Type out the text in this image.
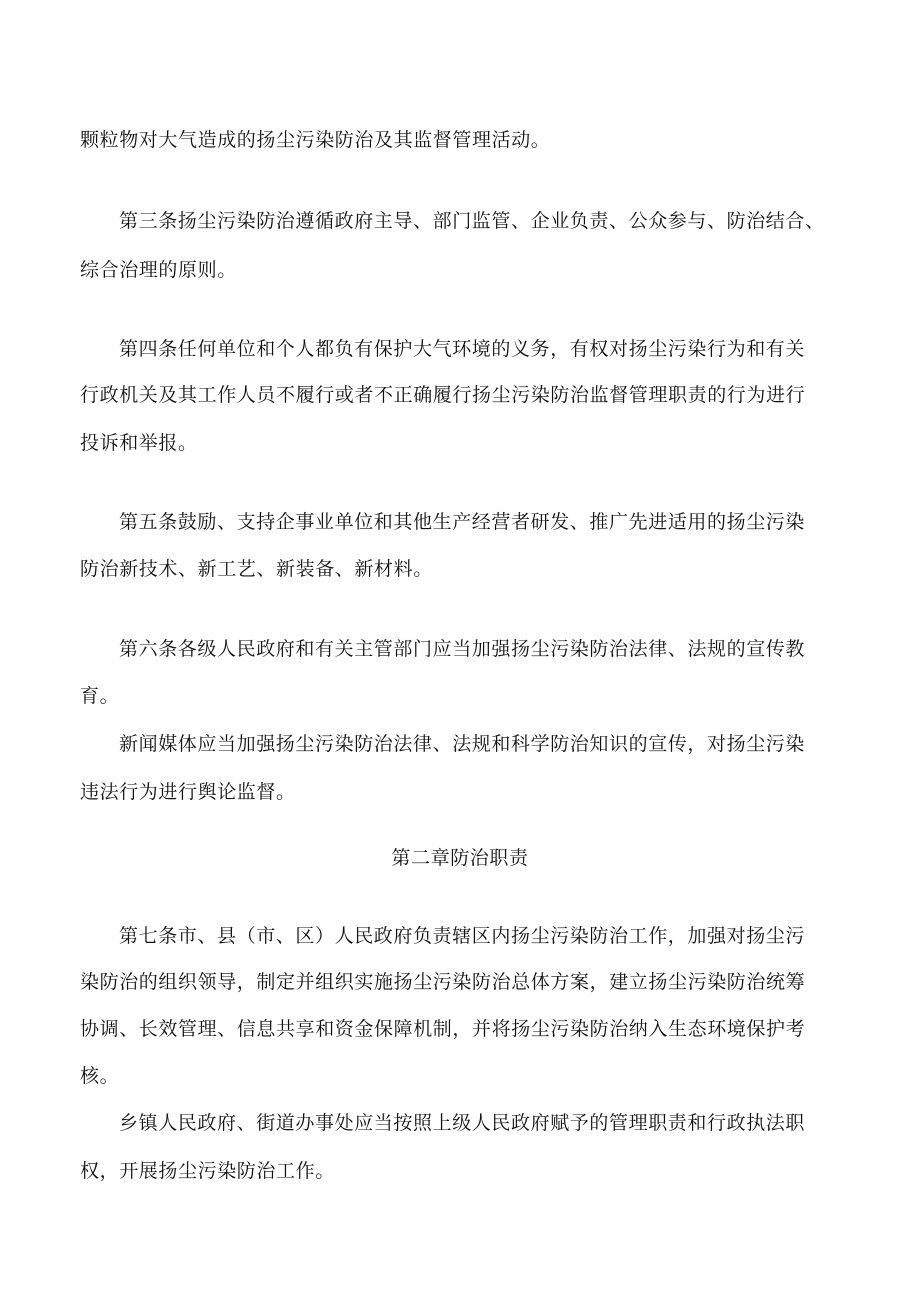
颗粒物对大气造成的扬尘污染防治及其监督管理活动。
第三条扬尘污染防治遵循政府主导、部门监管、企业负责、公众参与、防治结合、
综合治理的原则。
第四条任何单位和个人都负有保护大气环境的义务，有权对扬尘污染行为和有关
行政机关及其工作人员不履行或者不正确履行扬尘污染防治监督管理职责的行为进行
投诉和举报。
第五条鼓励、支持企事业单位和其他生产经营者研发、推广先进适用的扬尘污染
防治新技术、新工艺、新装备、新材料。
第六条各级人民政府和有关主管部门应当加强扬尘污染防治法律、法规的宣传教
育。
新闻媒体应当加强扬尘污染防治法律、法规和科学防治知识的宣传，对扬尘污染
违法行为进行舆论监督。
第二章防治职责
第七条市、县（市、区）人民政府负责辖区内扬尘污染防治工作，加强对扬尘污
染防治的组织领导，制定并组织实施扬尘污染防治总体方案，建立扬尘污染防治统筹
协调、长效管理、信息共享和资金保障机制，并将扬尘污染防治纳入生态环境保护考
核。
乡镇人民政府、街道办事处应当按照上级人民政府赋予的管理职责和行政执法职
权，开展扬尘污染防治工作。
